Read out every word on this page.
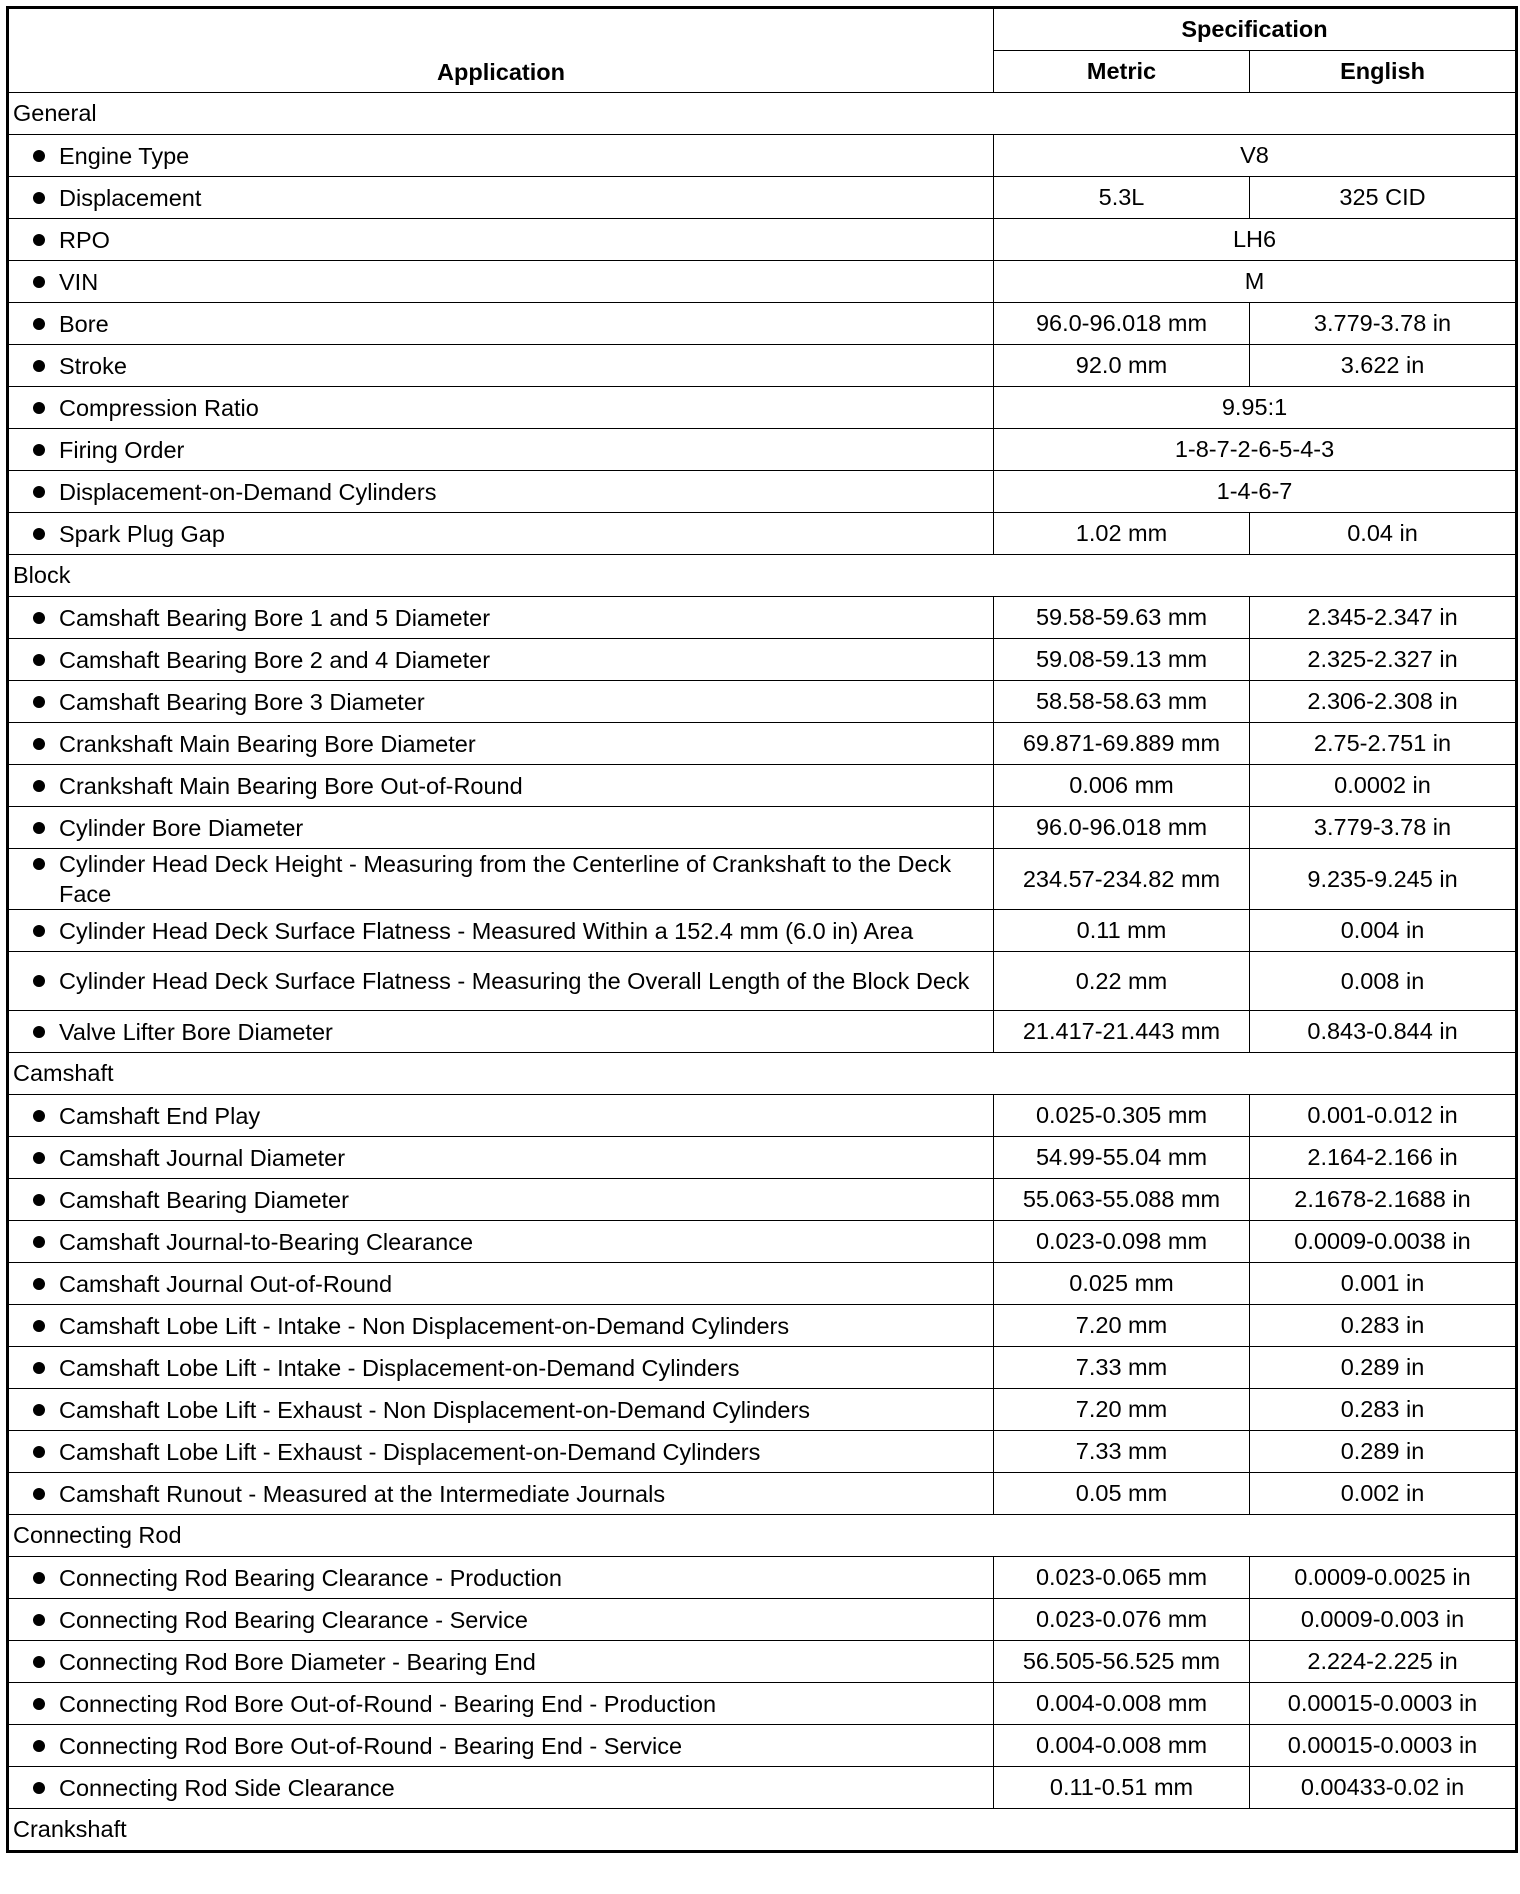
Application	Specification	
	Metric	English
General		

Engine Type	V8	

Displacement	5.3L	325 CID

RPO	LH6	

VIN	M	

Bore	96.0-96.018 mm	3.779-3.78 in

Stroke	92.0 mm	3.622 in

Compression Ratio	9.95:1	

Firing Order	1-8-7-2-6-5-4-3	

Displacement-on-Demand Cylinders	1-4-6-7	

Spark Plug Gap	1.02 mm	0.04 in
Block		

Camshaft Bearing Bore 1 and 5 Diameter	59.58-59.63 mm	2.345-2.347 in

Camshaft Bearing Bore 2 and 4 Diameter	59.08-59.13 mm	2.325-2.327 in

Camshaft Bearing Bore 3 Diameter	58.58-58.63 mm	2.306-2.308 in

Crankshaft Main Bearing Bore Diameter	69.871-69.889 mm	2.75-2.751 in

Crankshaft Main Bearing Bore Out-of-Round	0.006 mm	0.0002 in

Cylinder Bore Diameter	96.0-96.018 mm	3.779-3.78 in

Cylinder Head Deck Height - Measuring from the Centerline of Crankshaft to the Deck Face	234.57-234.82 mm	9.235-9.245 in

Cylinder Head Deck Surface Flatness - Measured Within a 152.4 mm (6.0 in) Area	0.11 mm	0.004 in

Cylinder Head Deck Surface Flatness - Measuring the Overall Length of the Block Deck	0.22 mm	0.008 in

Valve Lifter Bore Diameter	21.417-21.443 mm	0.843-0.844 in
Camshaft		

Camshaft End Play	0.025-0.305 mm	0.001-0.012 in

Camshaft Journal Diameter	54.99-55.04 mm	2.164-2.166 in

Camshaft Bearing Diameter	55.063-55.088 mm	2.1678-2.1688 in

Camshaft Journal-to-Bearing Clearance	0.023-0.098 mm	0.0009-0.0038 in

Camshaft Journal Out-of-Round	0.025 mm	0.001 in

Camshaft Lobe Lift - Intake - Non Displacement-on-Demand Cylinders	7.20 mm	0.283 in

Camshaft Lobe Lift - Intake - Displacement-on-Demand Cylinders	7.33 mm	0.289 in

Camshaft Lobe Lift - Exhaust - Non Displacement-on-Demand Cylinders	7.20 mm	0.283 in

Camshaft Lobe Lift - Exhaust - Displacement-on-Demand Cylinders	7.33 mm	0.289 in

Camshaft Runout - Measured at the Intermediate Journals	0.05 mm	0.002 in
Connecting Rod		

Connecting Rod Bearing Clearance - Production	0.023-0.065 mm	0.0009-0.0025 in

Connecting Rod Bearing Clearance - Service	0.023-0.076 mm	0.0009-0.003 in

Connecting Rod Bore Diameter - Bearing End	56.505-56.525 mm	2.224-2.225 in

Connecting Rod Bore Out-of-Round - Bearing End - Production	0.004-0.008 mm	0.00015-0.0003 in

Connecting Rod Bore Out-of-Round - Bearing End - Service	0.004-0.008 mm	0.00015-0.0003 in

Connecting Rod Side Clearance	0.11-0.51 mm	0.00433-0.02 in
Crankshaft		
